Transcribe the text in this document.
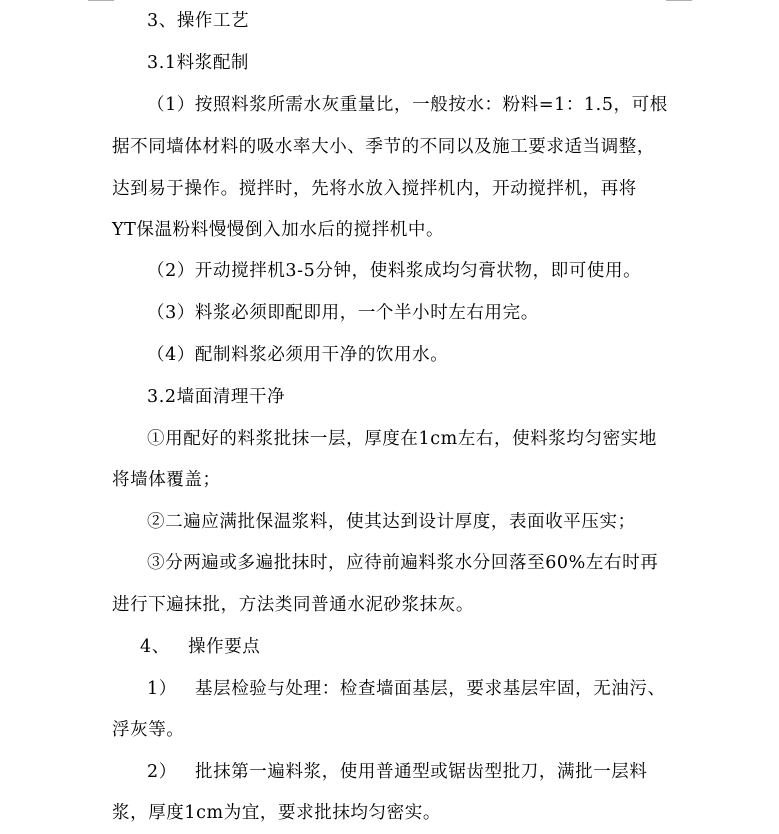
3、操作工艺
3.1料浆配制
（1）按照料浆所需水灰重量比，一般按水：粉料=1：1.5，可根
据不同墙体材料的吸水率大小、季节的不同以及施工要求适当调整，
达到易于操作。搅拌时，先将水放入搅拌机内，开动搅拌机，再将
YT保温粉料慢慢倒入加水后的搅拌机中。
（2）开动搅拌机3-5分钟，使料浆成均匀膏状物，即可使用。
（3）料浆必须即配即用，一个半小时左右用完。
（4）配制料浆必须用干净的饮用水。
3.2墙面清理干净
①用配好的料浆批抹一层，厚度在1cm左右，使料浆均匀密实地
将墙体覆盖；
②二遍应满批保温浆料，使其达到设计厚度，表面收平压实；
③分两遍或多遍批抹时，应待前遍料浆水分回落至60%左右时再
进行下遍抹批，方法类同普通水泥砂浆抹灰。
4、 操作要点
1） 基层检验与处理：检查墙面基层，要求基层牢固，无油污、
浮灰等。
2） 批抹第一遍料浆，使用普通型或锯齿型批刀，满批一层料
浆，厚度1cm为宜，要求批抹均匀密实。
